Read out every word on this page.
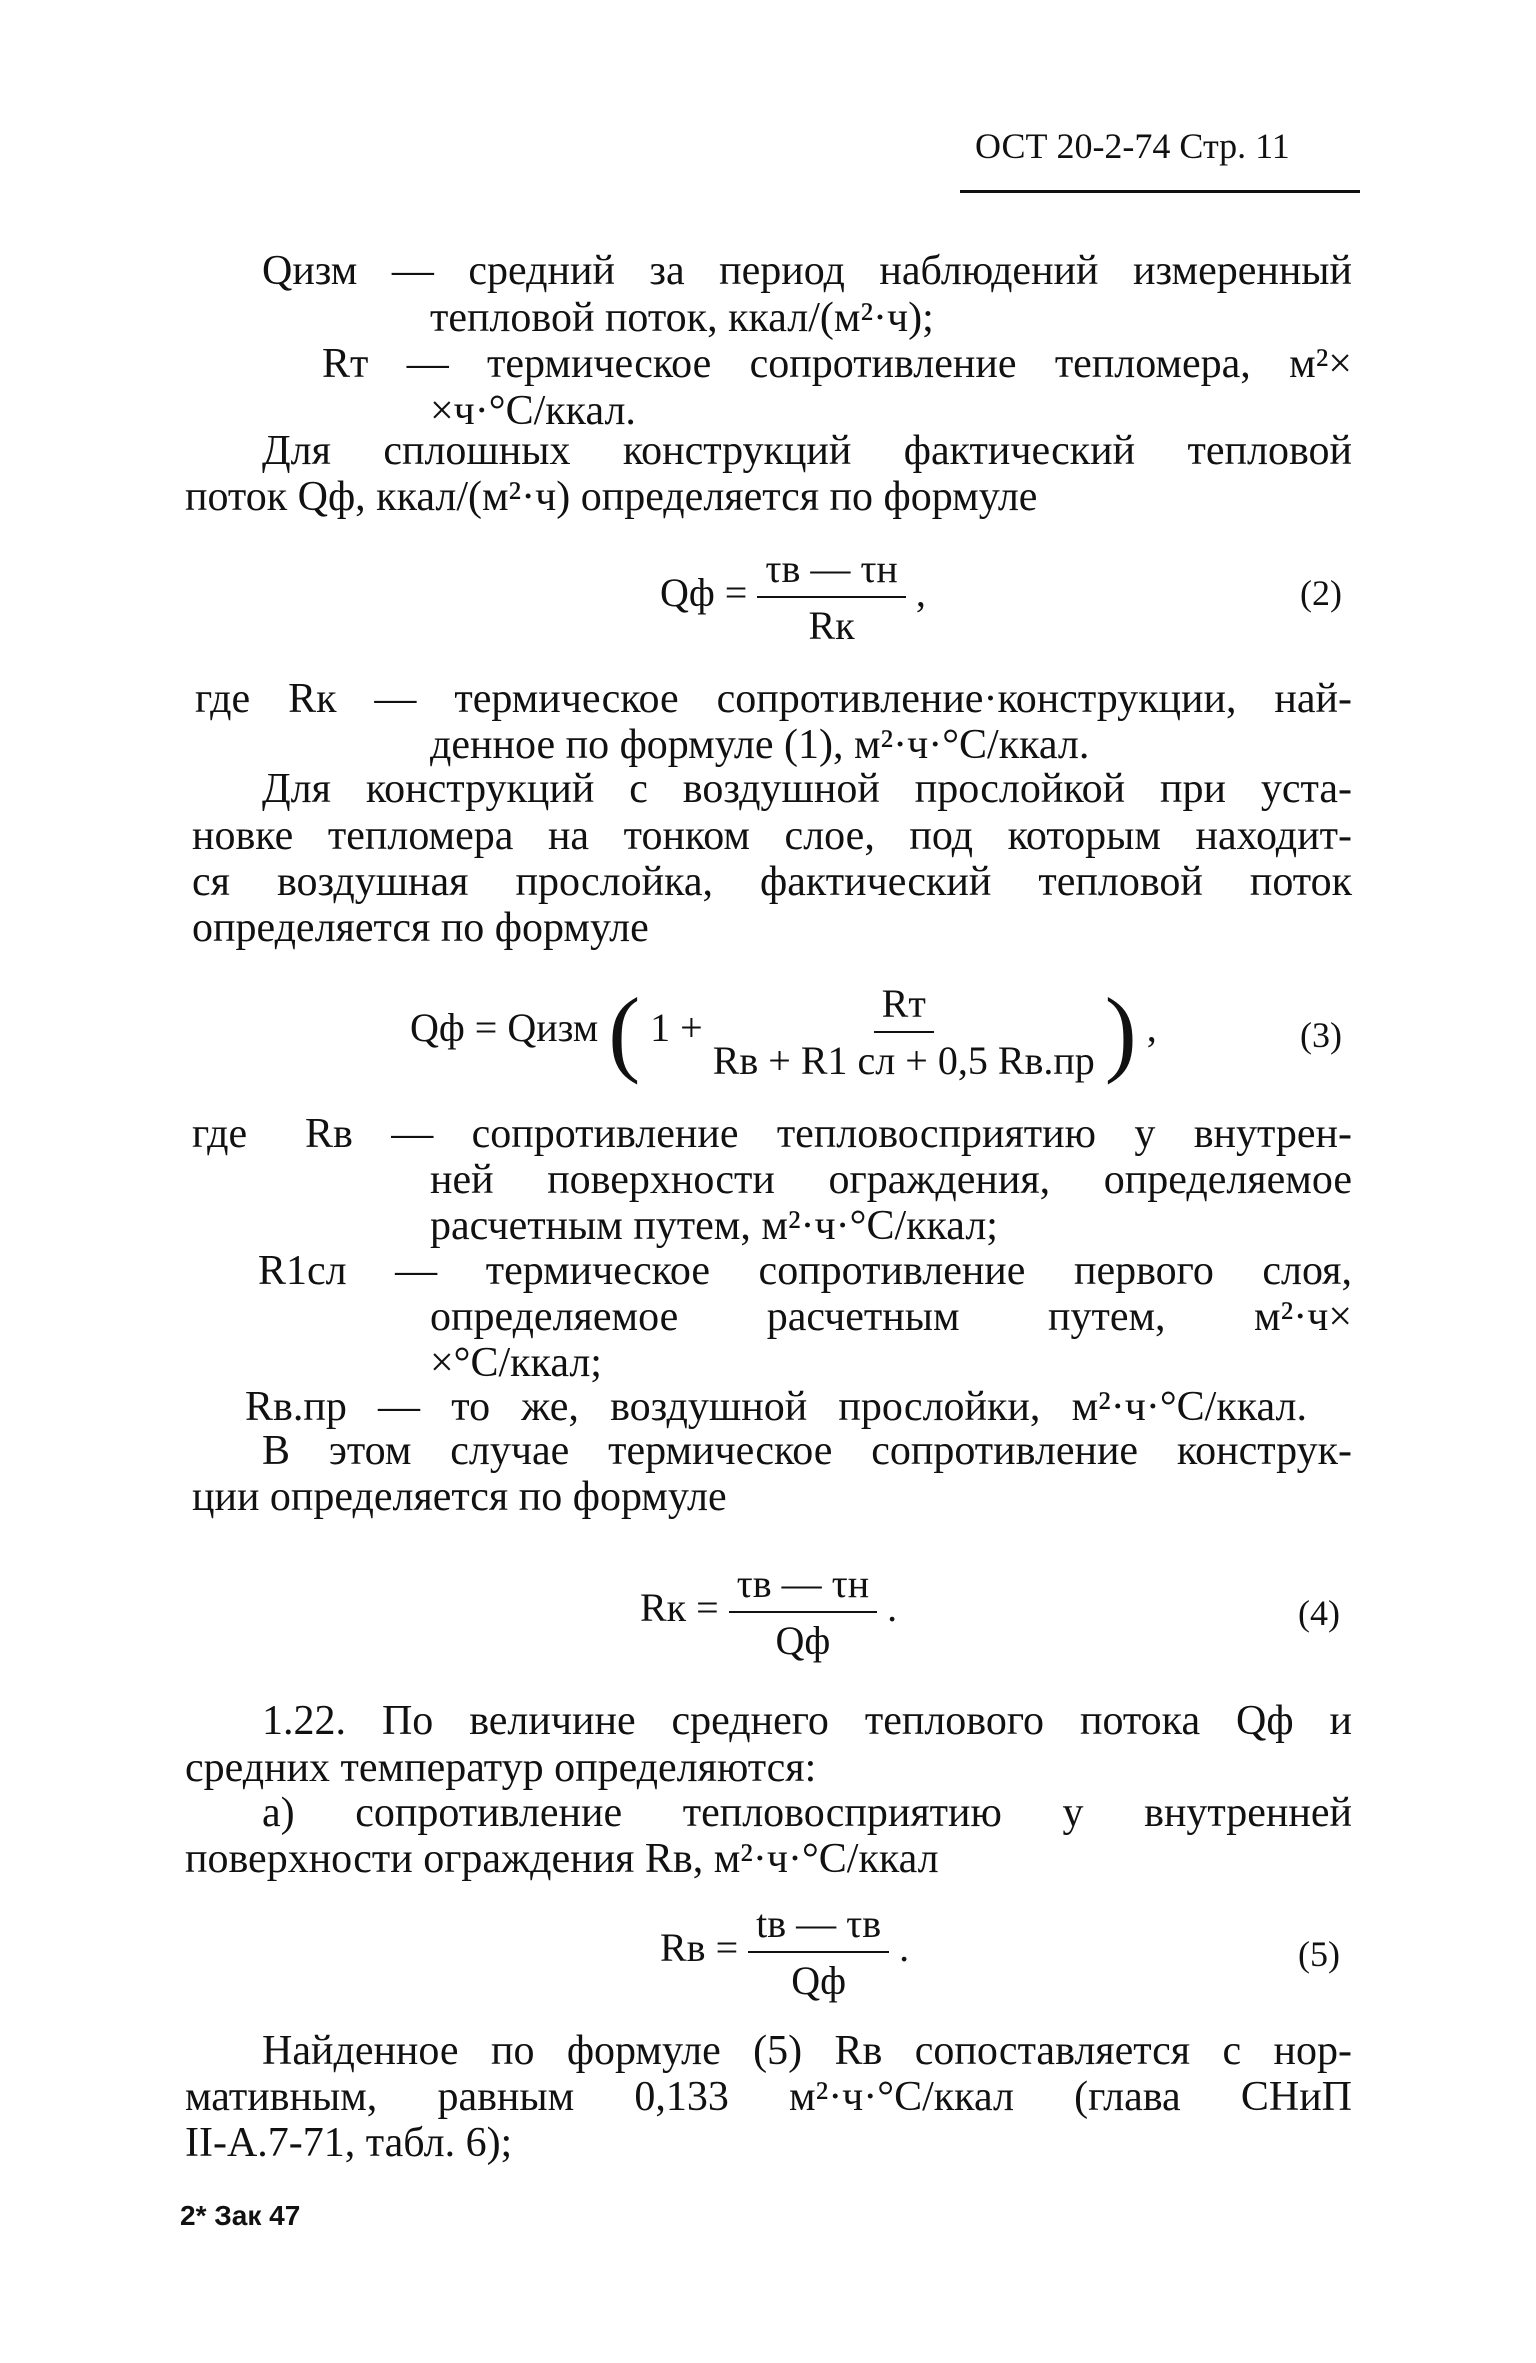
ОСТ 20-2-74 Стр. 11
Qизм — средний за период наблюдений измеренный
тепловой поток, ккал/(м²·ч);
Rт — термическое сопротивление тепломера, м²×
×ч·°С/ккал.
Для сплошных конструкций фактический тепловой
поток Qф, ккал/(м²·ч) определяется по формуле
Qф = $\frac{\tau в — \tau н}{Rк}$ ,	(2)
где Rк — термическое сопротивление·конструкции, най-
денное по формуле (1), м²·ч·°С/ккал.
Для конструкций с воздушной прослойкой при уста-
новке тепломера на тонком слое, под которым находит-
ся воздушная прослойка, фактический тепловой поток
определяется по формуле
Qф = Qизм ( $1 + \frac{Rт}{Rв + R1 сл + 0,5 Rв.пр}$ ) ,	(3)
где Rв — сопротивление тепловосприятию у внутрен-
ней поверхности ограждения, определяемое
расчетным путем, м²·ч·°С/ккал;
R1сл — термическое сопротивление первого слоя,
определяемое расчетным путем, м²·ч×
×°С/ккал;
Rв.пр — то же, воздушной прослойки, м²·ч·°С/ккал.
В этом случае термическое сопротивление конструк-
ции определяется по формуле
Rк = $\frac{\tau в — \tau н}{Qф}$ .	(4)
1.22. По величине среднего теплового потока Qф и
средних температур определяются:
а) сопротивление тепловосприятию у внутренней
поверхности ограждения Rв, м²·ч·°С/ккал
Rв = $\frac{tв — \tau в}{Qф}$ .	(5)
Найденное по формуле (5) Rв сопоставляется с нор-
мативным, равным 0,133 м²·ч·°С/ккал (глава СНиП
II-А.7-71, табл. 6);
2* Зак 47
